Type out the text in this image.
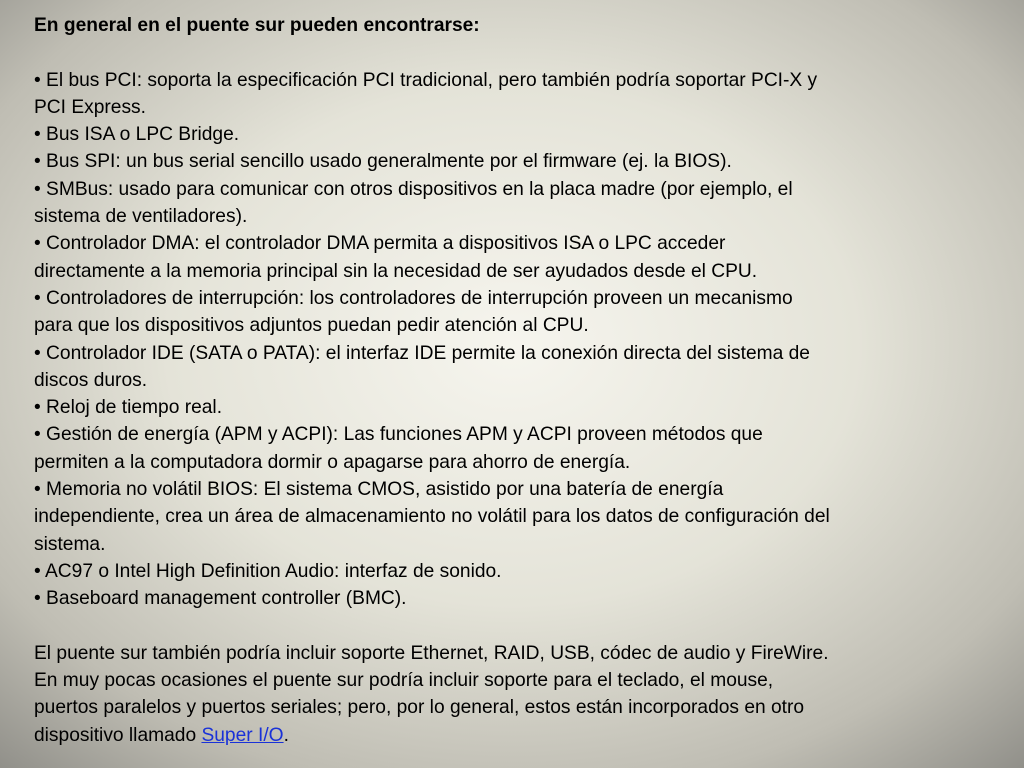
En general en el puente sur pueden encontrarse:

• El bus PCI: soporta la especificación PCI tradicional, pero también podría soportar PCI-X y

PCI Express.

• Bus ISA o LPC Bridge.

• Bus SPI: un bus serial sencillo usado generalmente por el firmware (ej. la BIOS).

• SMBus: usado para comunicar con otros dispositivos en la placa madre (por ejemplo, el

sistema de ventiladores).

• Controlador DMA: el controlador DMA permita a dispositivos ISA o LPC acceder

directamente a la memoria principal sin la necesidad de ser ayudados desde el CPU.

• Controladores de interrupción: los controladores de interrupción proveen un mecanismo

para que los dispositivos adjuntos puedan pedir atención al CPU.

• Controlador IDE (SATA o PATA): el interfaz IDE permite la conexión directa del sistema de

discos duros.

• Reloj de tiempo real.

• Gestión de energía (APM y ACPI): Las funciones APM y ACPI proveen métodos que

permiten a la computadora dormir o apagarse para ahorro de energía.

• Memoria no volátil BIOS: El sistema CMOS, asistido por una batería de energía

independiente, crea un área de almacenamiento no volátil para los datos de configuración del

sistema.

• AC97 o Intel High Definition Audio: interfaz de sonido.

• Baseboard management controller (BMC).

El puente sur también podría incluir soporte Ethernet, RAID, USB, códec de audio y FireWire.

En muy pocas ocasiones el puente sur podría incluir soporte para el teclado, el mouse,

puertos paralelos y puertos seriales; pero, por lo general, estos están incorporados en otro

dispositivo llamado Super I/O.
